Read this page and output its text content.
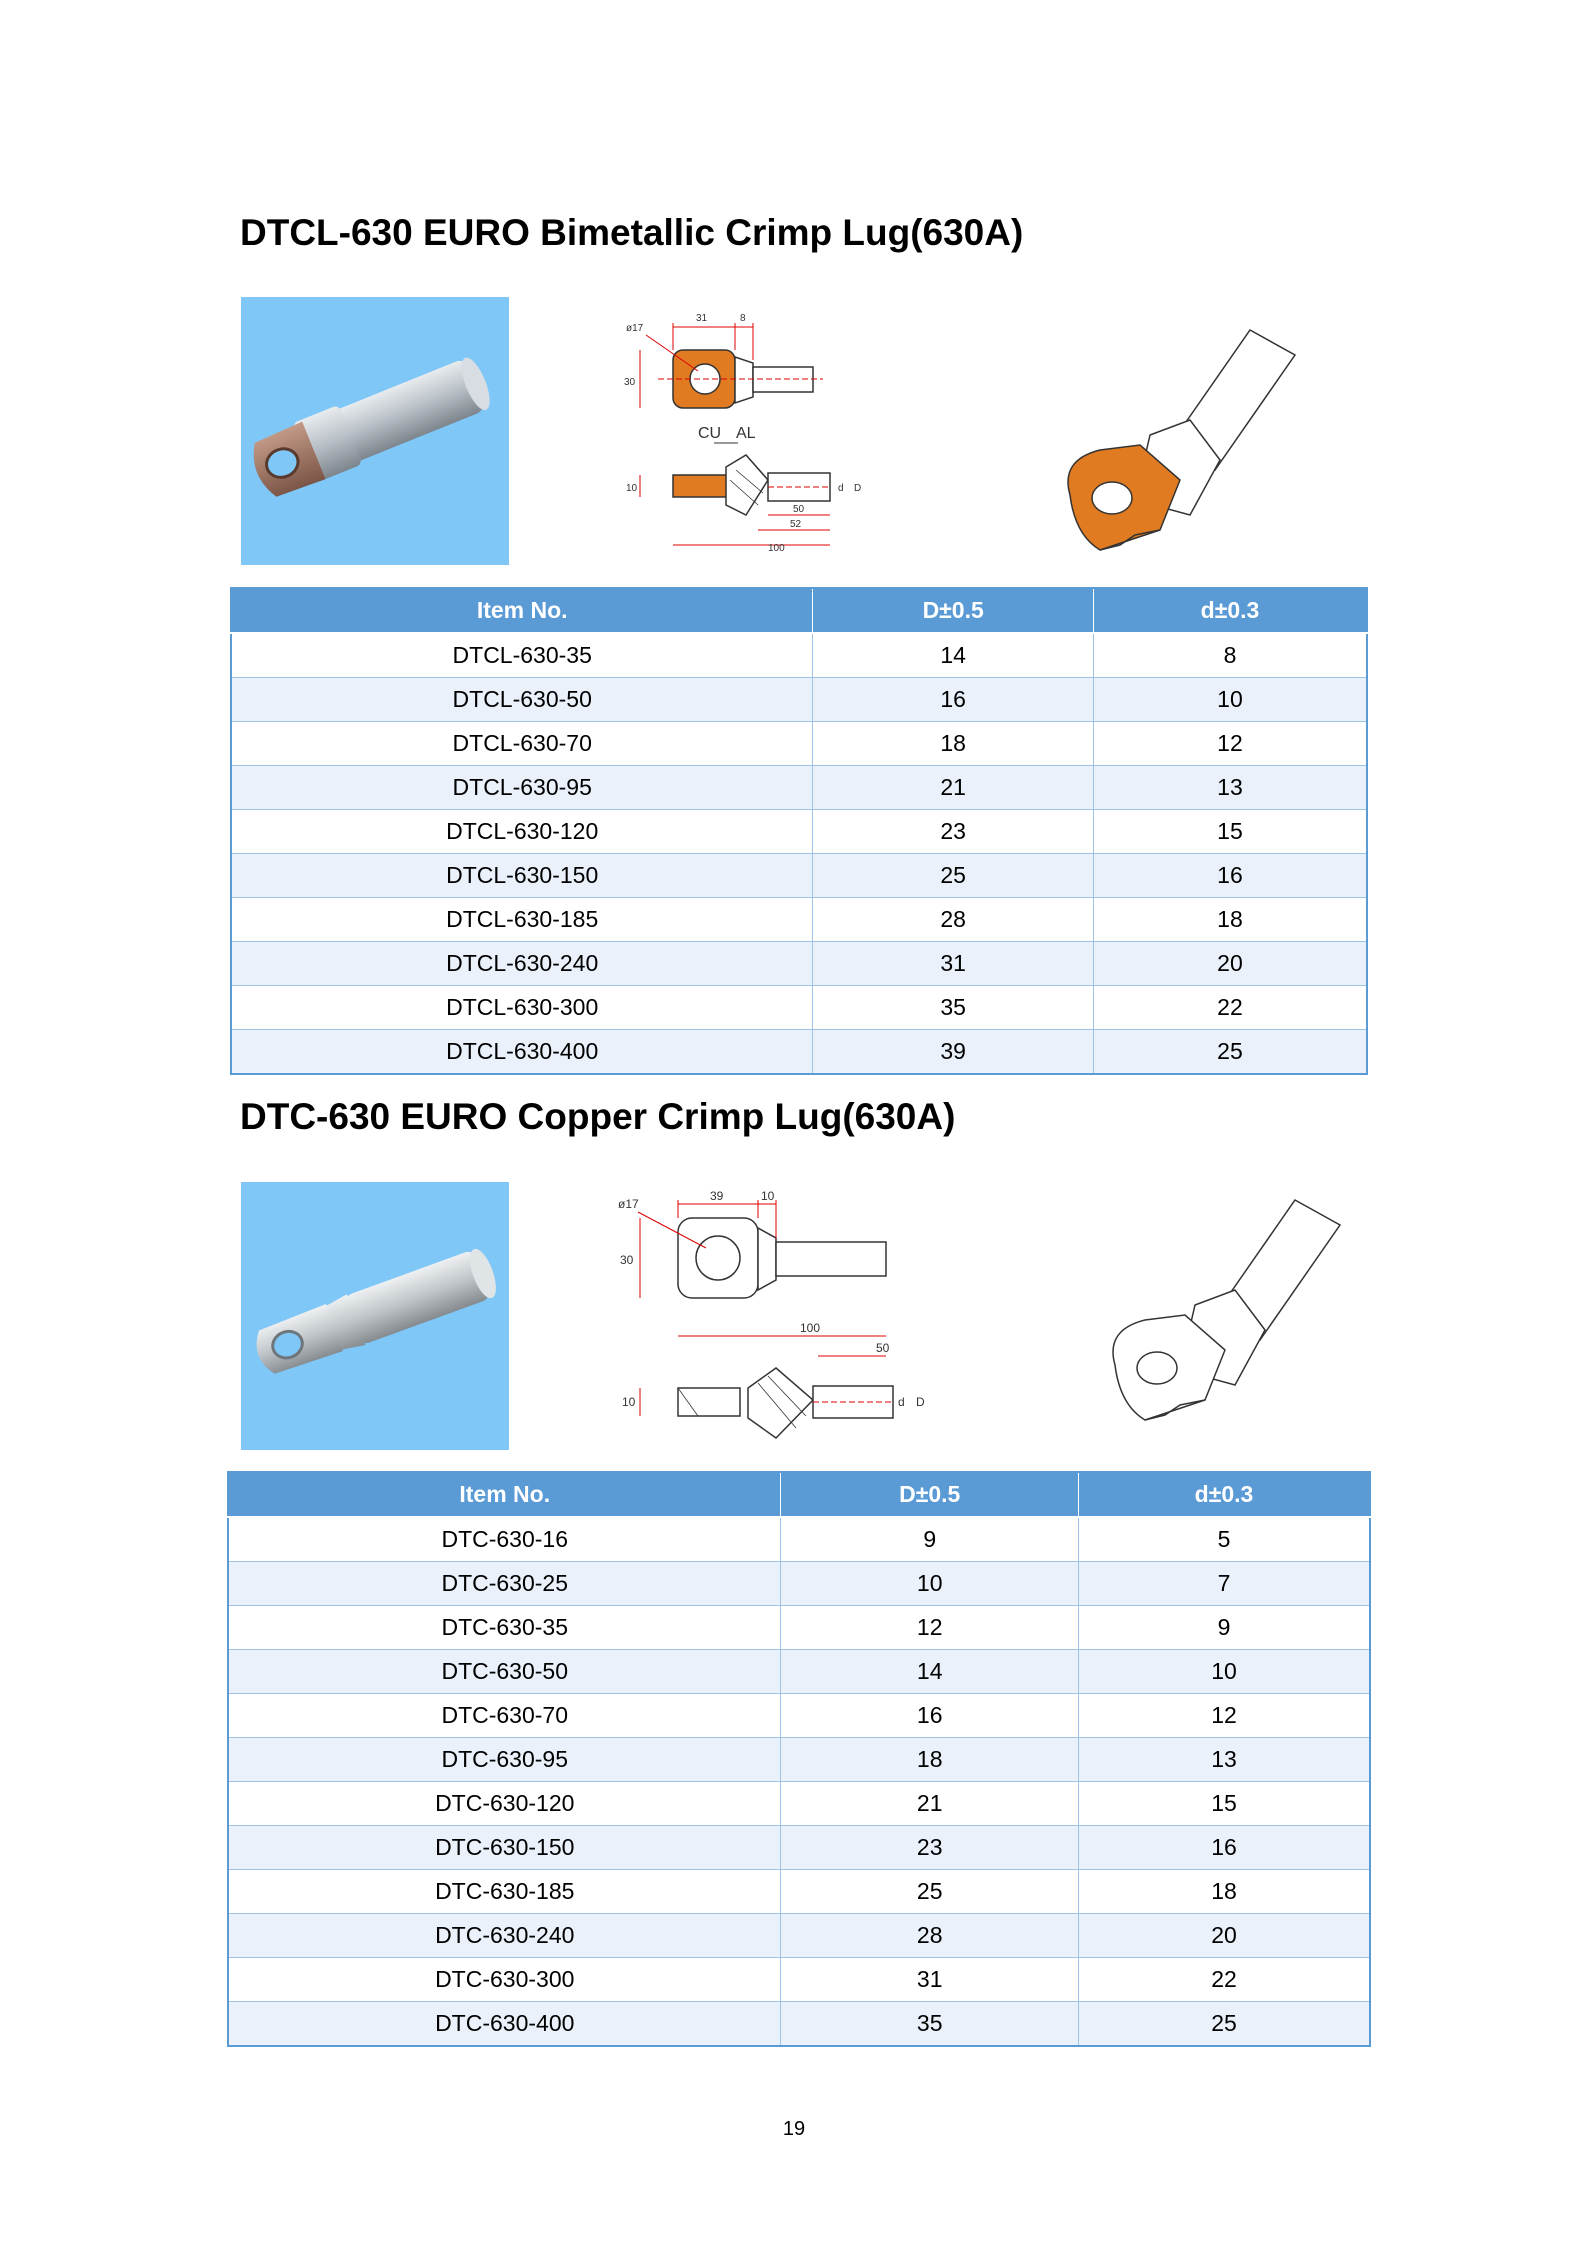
DTCL-630 EURO Bimetallic Crimp Lug(630A)
31	8
ø17
30
CU AL
10	d D
50
52
100
Item No.	D±0.5	d±0.3
DTCL-630-35	14	8
DTCL-630-50	16	10
DTCL-630-70	18	12
DTCL-630-95	21	13
DTCL-630-120	23	15
DTCL-630-150	25	16
DTCL-630-185	28	18
DTCL-630-240	31	20
DTCL-630-300	35	22
DTCL-630-400	39	25
DTC-630 EURO Copper Crimp Lug(630A)
39	10
ø17
30
100
50
10	d D
Item No.	D±0.5	d±0.3
DTC-630-16	9	5
DTC-630-25	10	7
DTC-630-35	12	9
DTC-630-50	14	10
DTC-630-70	16	12
DTC-630-95	18	13
DTC-630-120	21	15
DTC-630-150	23	16
DTC-630-185	25	18
DTC-630-240	28	20
DTC-630-300	31	22
DTC-630-400	35	25
19
